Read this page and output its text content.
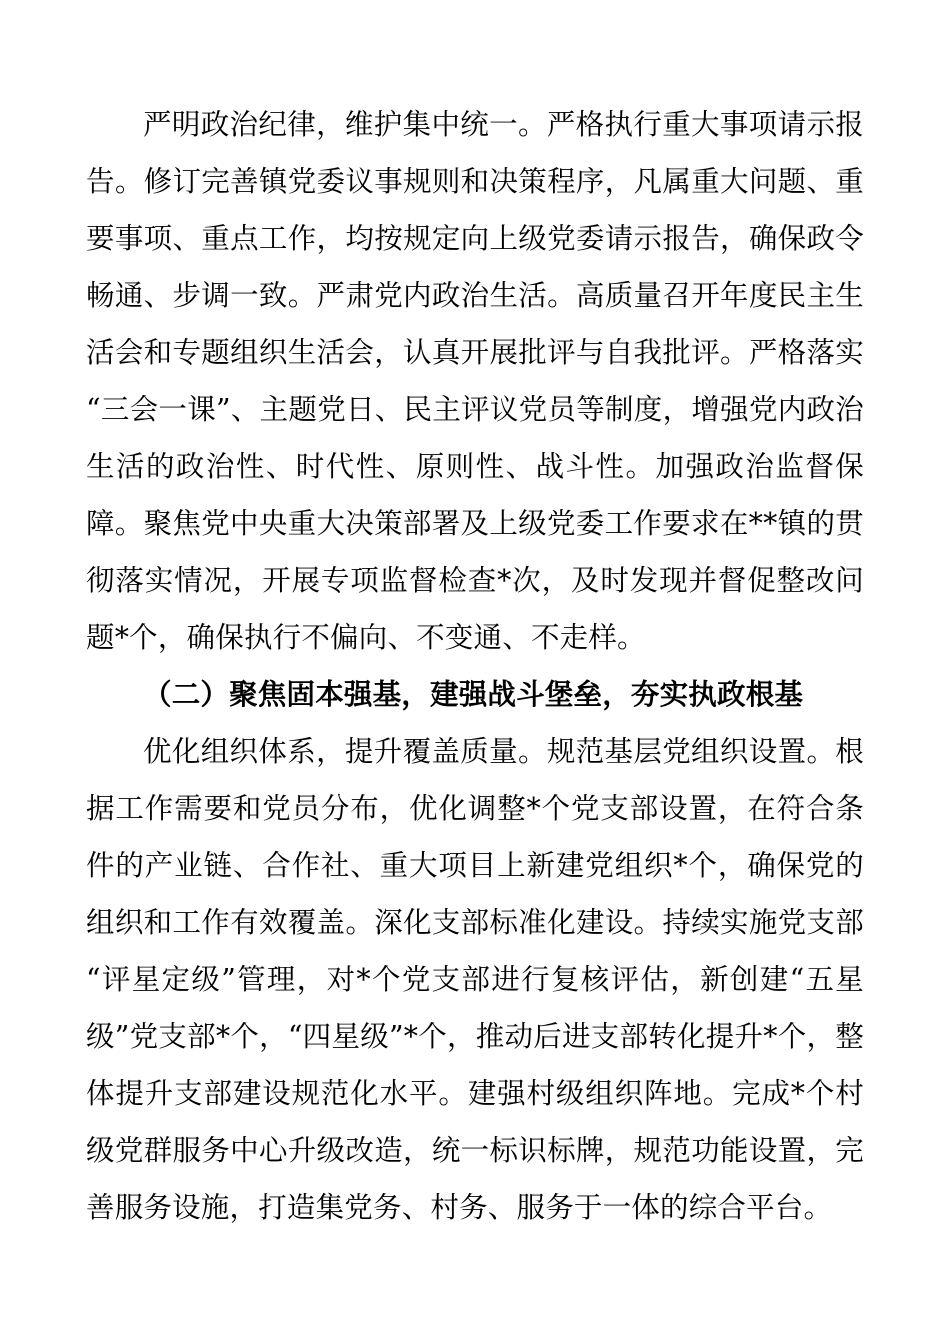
严明政治纪律，维护集中统一。严格执行重大事项请示报告。修订完善镇党委议事规则和决策程序，凡属重大问题、重要事项、重点工作，均按规定向上级党委请示报告，确保政令畅通、步调一致。严肃党内政治生活。高质量召开年度民主生活会和专题组织生活会，认真开展批评与自我批评。严格落实“三会一课”、主题党日、民主评议党员等制度，增强党内政治生活的政治性、时代性、原则性、战斗性。加强政治监督保障。聚焦党中央重大决策部署及上级党委工作要求在**镇的贯彻落实情况，开展专项监督检查*次，及时发现并督促整改问题*个，确保执行不偏向、不变通、不走样。

（二）聚焦固本强基，建强战斗堡垒，夯实执政根基

优化组织体系，提升覆盖质量。规范基层党组织设置。根据工作需要和党员分布，优化调整*个党支部设置，在符合条件的产业链、合作社、重大项目上新建党组织*个，确保党的组织和工作有效覆盖。深化支部标准化建设。持续实施党支部“评星定级”管理，对*个党支部进行复核评估，新创建“五星级”党支部*个，“四星级”*个，推动后进支部转化提升*个，整体提升支部建设规范化水平。建强村级组织阵地。完成*个村级党群服务中心升级改造，统一标识标牌，规范功能设置，完善服务设施，打造集党务、村务、服务于一体的综合平台。
